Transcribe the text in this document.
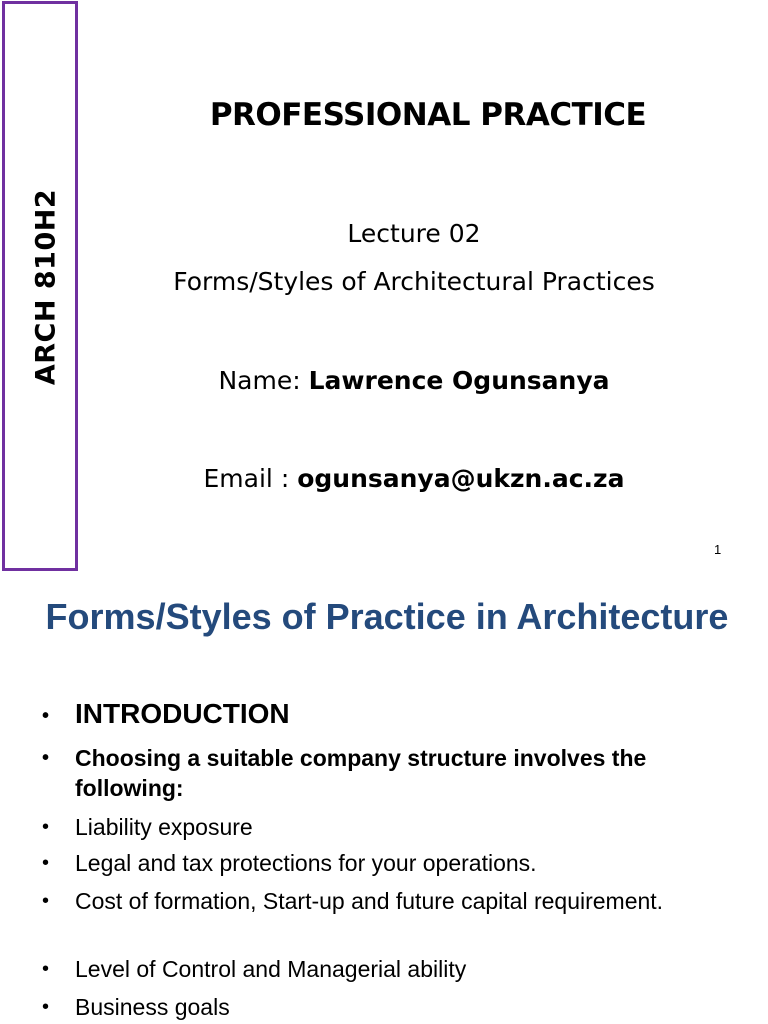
ARCH 810H2
PROFESSIONAL PRACTICE
Lecture 02
Forms/Styles of Architectural Practices
Name: Lawrence Ogunsanya
Email : ogunsanya@ukzn.ac.za
1
Forms/Styles of Practice in Architecture
• INTRODUCTION
• Choosing a suitable company structure involves the following:
• Liability exposure
• Legal and tax protections for your operations.
• Cost of formation, Start-up and future capital requirement.
• Level of Control and Managerial ability
• Business goals
